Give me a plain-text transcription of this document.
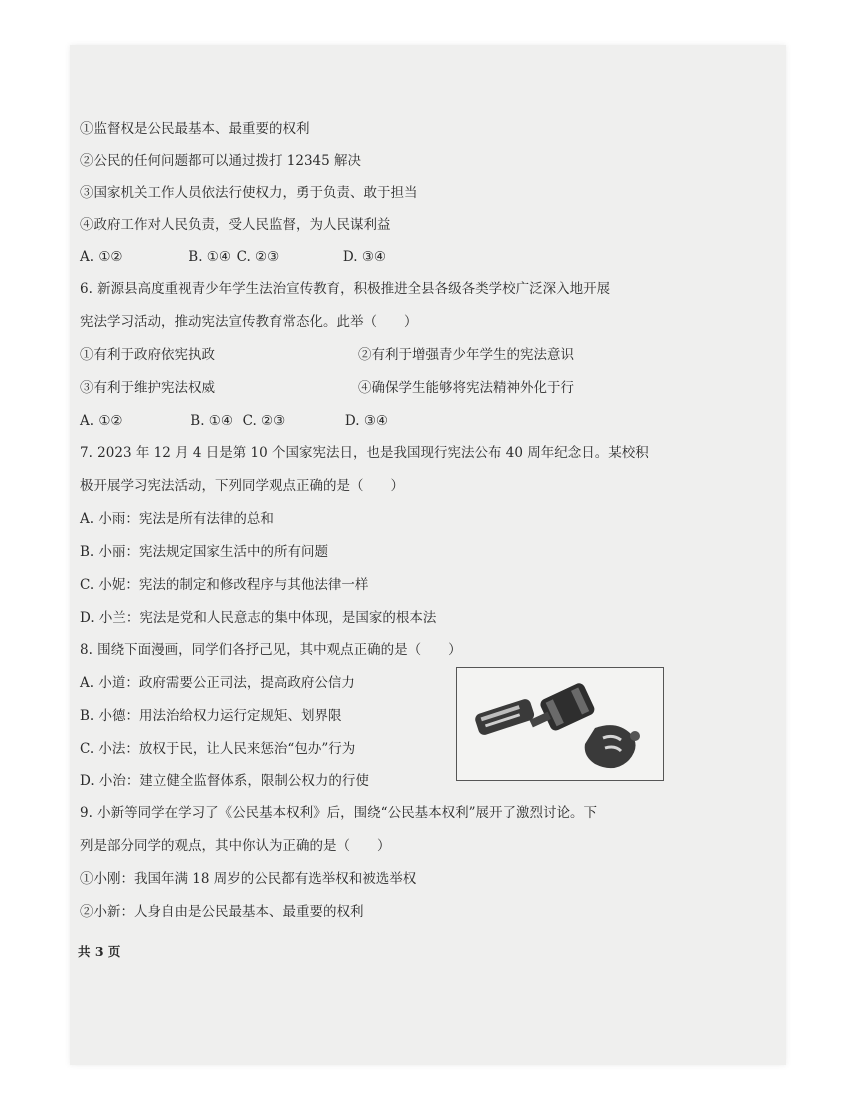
①监督权是公民最基本、最重要的权利
②公民的任何问题都可以通过拨打 12345 解决
③国家机关工作人员依法行使权力，勇于负责、敢于担当
④政府工作对人民负责，受人民监督，为人民谋利益
A. ①②	B. ①④ C. ②③	D. ③④
6. 新源县高度重视青少年学生法治宣传教育，积极推进全县各级各类学校广泛深入地开展
宪法学习活动，推动宪法宣传教育常态化。此举（　　）
①有利于政府依宪执政	②有利于增强青少年学生的宪法意识
③有利于维护宪法权威	④确保学生能够将宪法精神外化于行
A. ①②	B. ①④ C. ②③	D. ③④
7. 2023 年 12 月 4 日是第 10 个国家宪法日，也是我国现行宪法公布 40 周年纪念日。某校积
极开展学习宪法活动，下列同学观点正确的是（　　）
A. 小雨：宪法是所有法律的总和
B. 小丽：宪法规定国家生活中的所有问题
C. 小妮：宪法的制定和修改程序与其他法律一样
D. 小兰：宪法是党和人民意志的集中体现，是国家的根本法
8. 围绕下面漫画，同学们各抒己见，其中观点正确的是（　　）
A. 小道：政府需要公正司法，提高政府公信力
B. 小德：用法治给权力运行定规矩、划界限
C. 小法：放权于民，让人民来惩治“包办”行为
D. 小治：建立健全监督体系，限制公权力的行使
9. 小新等同学在学习了《公民基本权利》后，围绕“公民基本权利”展开了激烈讨论。下
列是部分同学的观点，其中你认为正确的是（　　）
①小刚：我国年满 18 周岁的公民都有选举权和被选举权
②小新：人身自由是公民最基本、最重要的权利
共 3 页
